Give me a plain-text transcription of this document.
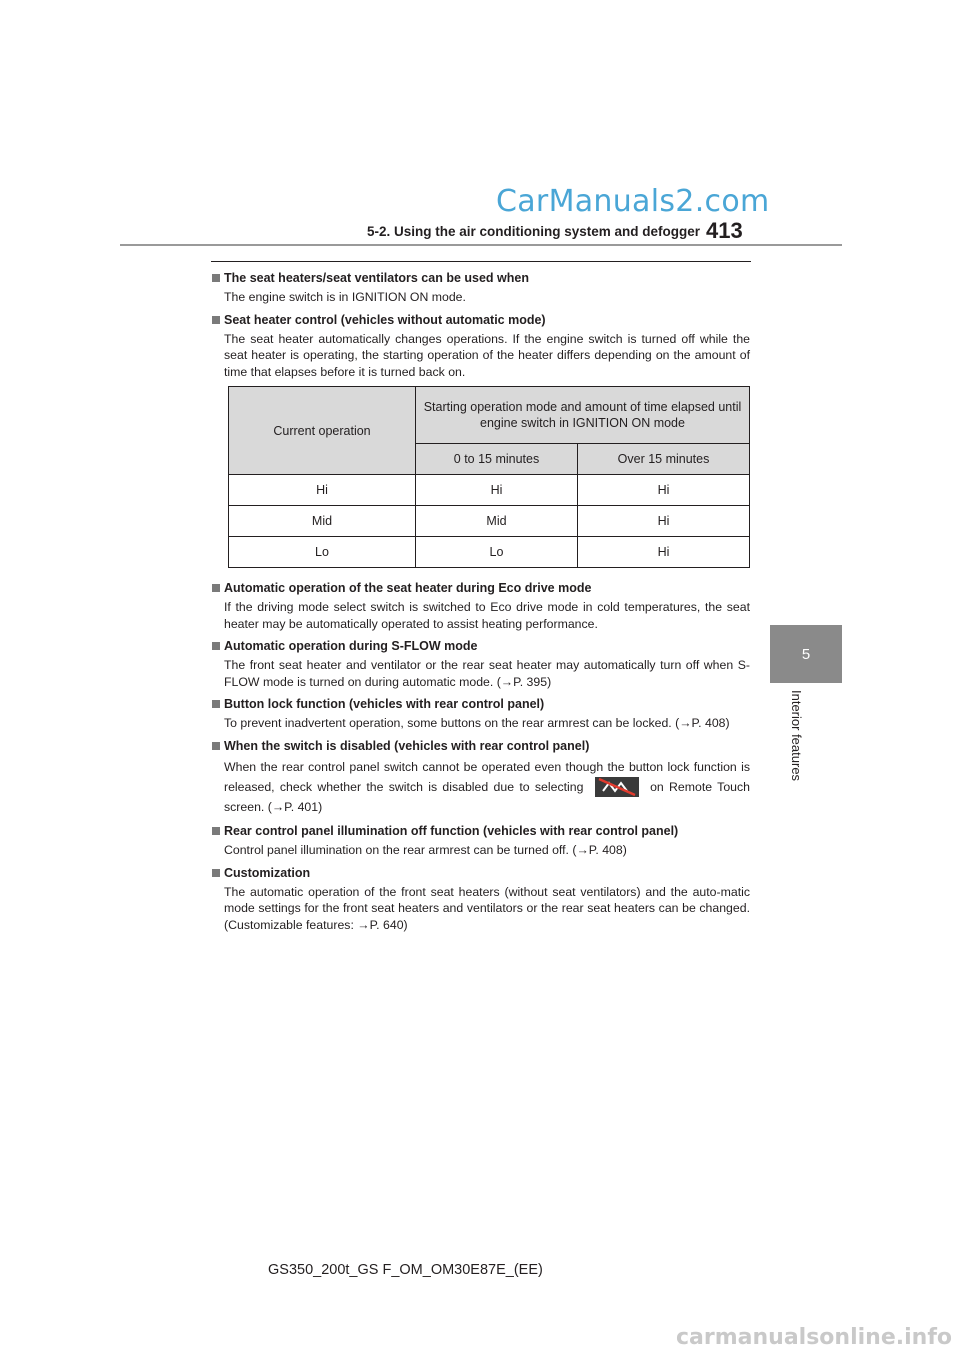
CarManuals2.com
5-2. Using the air conditioning system and defogger 413
5
Interior features
The seat heaters/seat ventilators can be used when
The engine switch is in IGNITION ON mode.
Seat heater control (vehicles without automatic mode)
The seat heater automatically changes operations. If the engine switch is turned off while the seat heater is operating, the starting operation of the heater differs depending on the amount of time that elapses before it is turned back on.
Current operation	Starting operation mode and amount of time elapsed until engine switch in IGNITION ON mode	
	0 to 15 minutes	Over 15 minutes
Hi	Hi	Hi
Mid	Mid	Hi
Lo	Lo	Hi
Automatic operation of the seat heater during Eco drive mode
If the driving mode select switch is switched to Eco drive mode in cold temperatures, the seat heater may be automatically operated to assist heating performance.
Automatic operation during S-FLOW mode
The front seat heater and ventilator or the rear seat heater may automatically turn off when S-FLOW mode is turned on during automatic mode. (→P. 395)
Button lock function (vehicles with rear control panel)
To prevent inadvertent operation, some buttons on the rear armrest can be locked. (→P. 408)
When the switch is disabled (vehicles with rear control panel)
When the rear control panel switch cannot be operated even though the button lock function is released, check whether the switch is disabled due to selecting	on Remote Touch screen. (→P. 401)
Rear control panel illumination off function (vehicles with rear control panel)
Control panel illumination on the rear armrest can be turned off. (→P. 408)
Customization
The automatic operation of the front seat heaters (without seat ventilators) and the auto-matic mode settings for the front seat heaters and ventilators or the rear seat heaters can be changed. (Customizable features: →P. 640)
GS350_200t_GS F_OM_OM30E87E_(EE)
carmanualsonline.info
